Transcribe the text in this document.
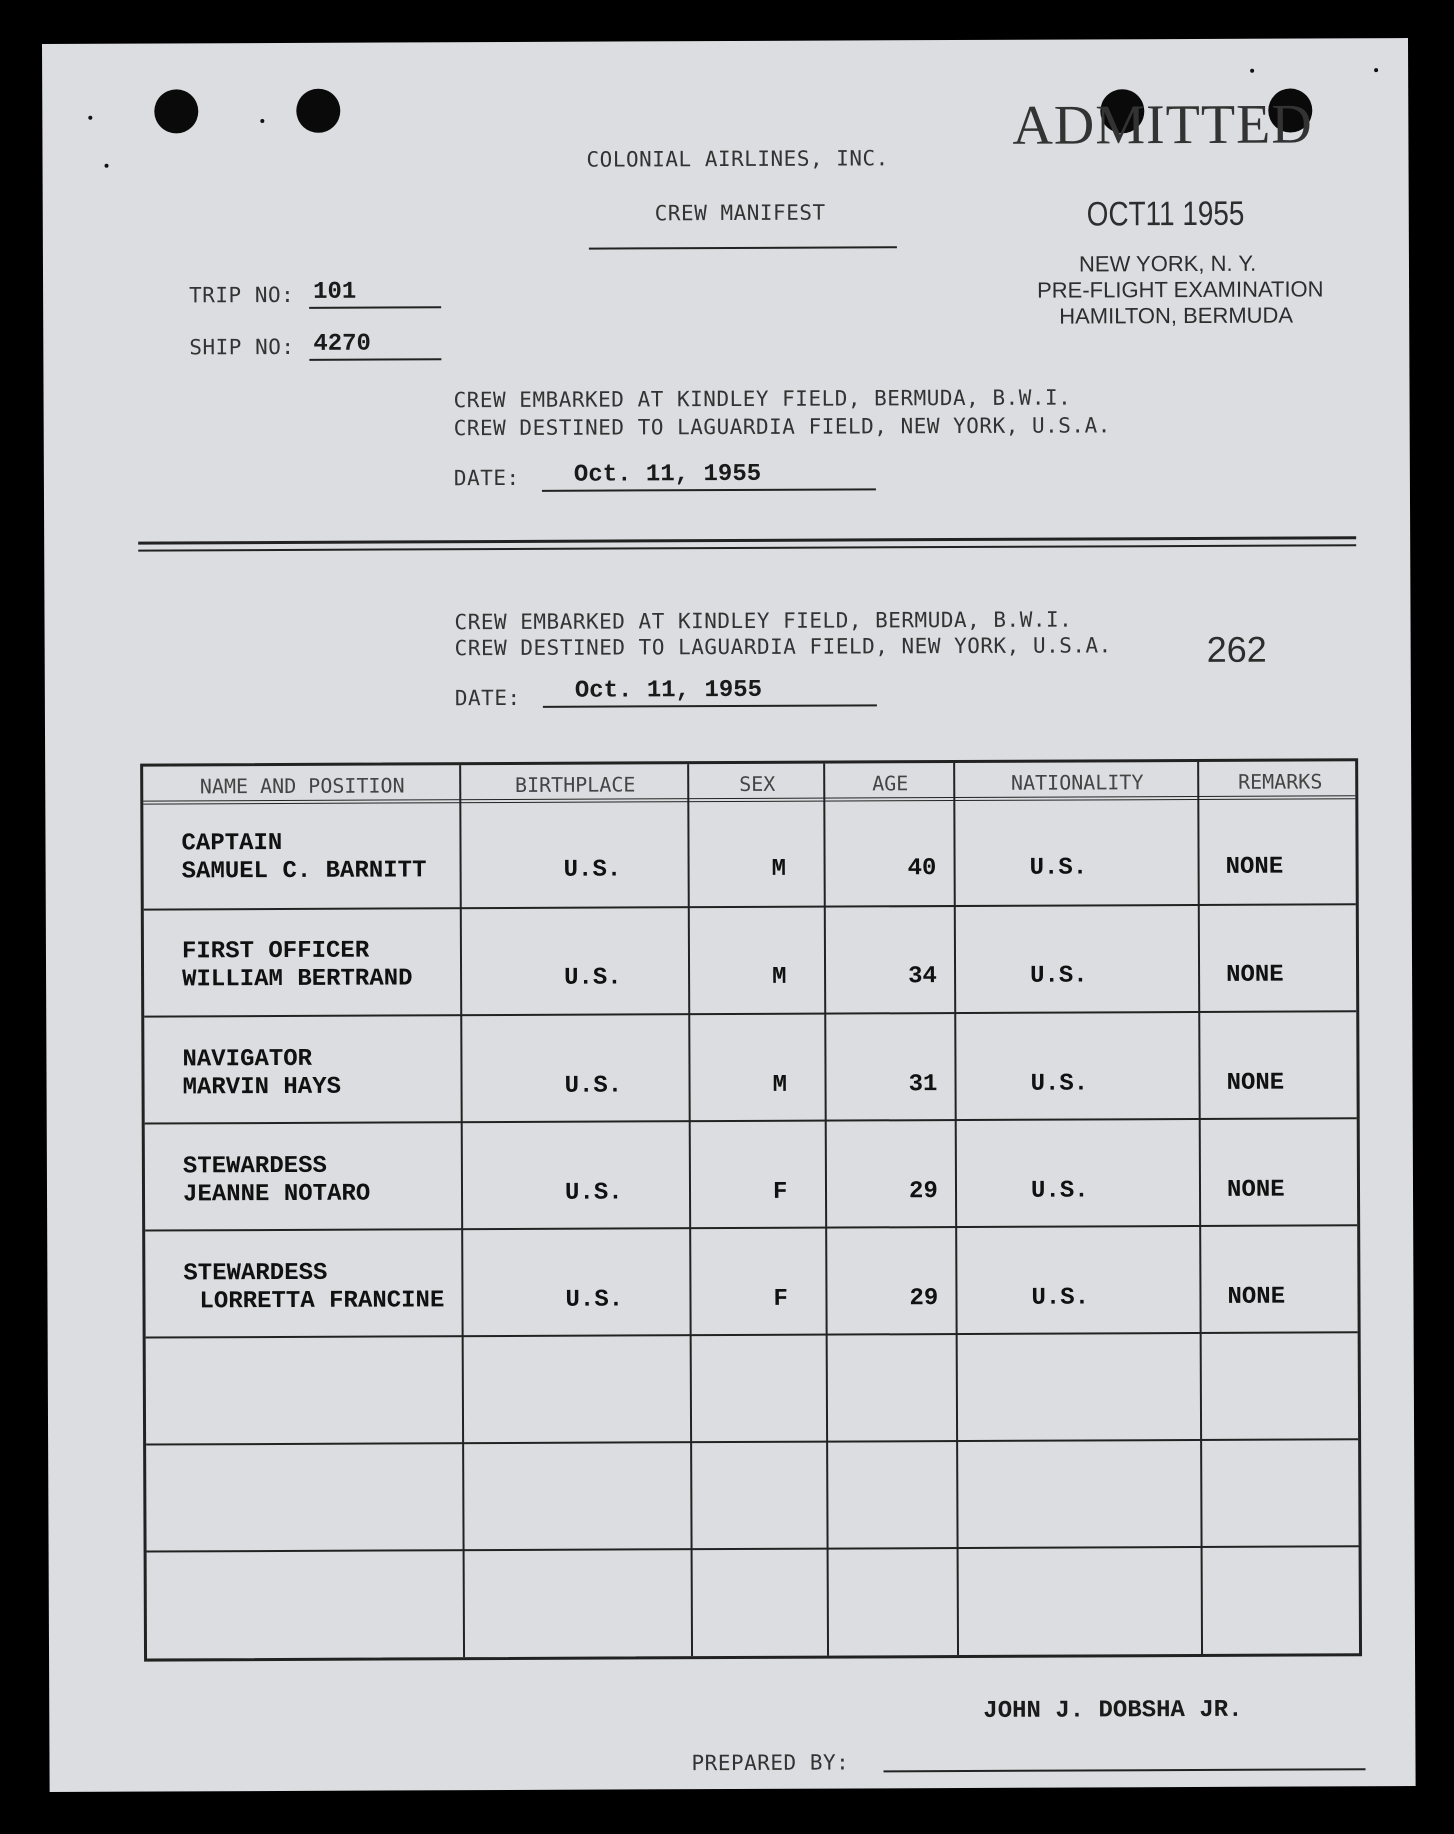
COLONIAL AIRLINES, INC.
CREW MANIFEST
ADMITTED
OCT11 1955
NEW YORK, N. Y.
PRE-FLIGHT EXAMINATION
HAMILTON, BERMUDA
TRIP NO: 101
SHIP NO: 4270
CREW EMBARKED AT KINDLEY FIELD, BERMUDA, B.W.I.
CREW DESTINED TO LAGUARDIA FIELD, NEW YORK, U.S.A.
DATE: Oct. 11, 1955
CREW EMBARKED AT KINDLEY FIELD, BERMUDA, B.W.I.
CREW DESTINED TO LAGUARDIA FIELD, NEW YORK, U.S.A.	262
DATE: Oct. 11, 1955
NAME AND POSITION	BIRTHPLACE	SEX	AGE	NATIONALITY	REMARKS
CAPTAIN
SAMUEL C. BARNITT	U.S.	M	40	U.S.	NONE
FIRST OFFICER
WILLIAM BERTRAND	U.S.	M	34	U.S.	NONE
NAVIGATOR
MARVIN HAYS	U.S.	M	31	U.S.	NONE
STEWARDESS
JEANNE NOTARO	U.S.	F	29	U.S.	NONE
STEWARDESS
LORRETTA FRANCINE	U.S.	F	29	U.S.	NONE
JOHN J. DOBSHA JR.
PREPARED BY:
